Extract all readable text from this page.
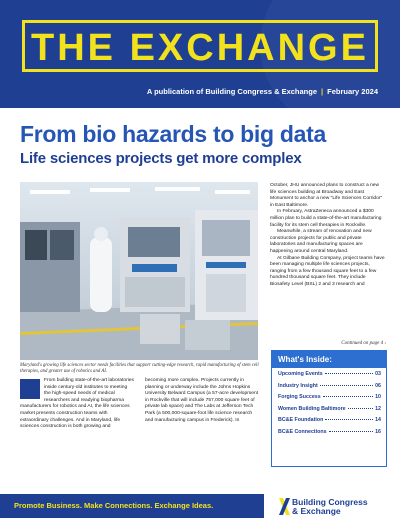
THE EXCHANGE
A publication of Building Congress & Exchange | February 2024
From bio hazards to big data
Life sciences projects get more complex
Maryland's growing life sciences sector needs facilities that support cutting-edge research, rapid manufacturing of stem cell therapies, and greater use of robotics and AI.
From building state-of-the-art laboratories inside century-old institutes to meeting the high-speed needs of medical researchers and readying biopharma manufacturers for robotics and AI, the life sciences market presents construction teams with extraordinary challenges. And in Maryland, life sciences construction is both growing and

becoming more complex. Projects currently in planning or underway include the Johns Hopkins University Belward Campus (a 57-acre development in Rockville that will include 757,000 square feet of private lab space) and The Labs at Jefferson Tech Park (a 500,000-square-foot life science research and manufacturing campus in Frederick). In

October, JHU announced plans to construct a new life sciences building at Broadway and East Monument to anchor a new "Life Sciences Corridor" in East Baltimore.

In February, AstraZeneca announced a $300 million plan to build a state-of-the-art manufacturing facility for its stem cell therapies in Rockville.

Meanwhile, a stream of renovation and new construction projects for public and private laboratories and manufacturing spaces are happening around central Maryland.

At Gilbane Building Company, project teams have been managing multiple life sciences projects, ranging from a few thousand square feet to a few hundred thousand square feet. They include Biosafety Level (BSL) 2 and 3 research and

Continued on page 4 ›
What's Inside:
Upcoming Events	03
Industry Insight	06
Forging Success	10
Women Building Baltimore	12
BC&E Foundation	14
BC&E Connections	16
Promote Business. Make Connections. Exchange Ideas.	Building Congress
& Exchange
